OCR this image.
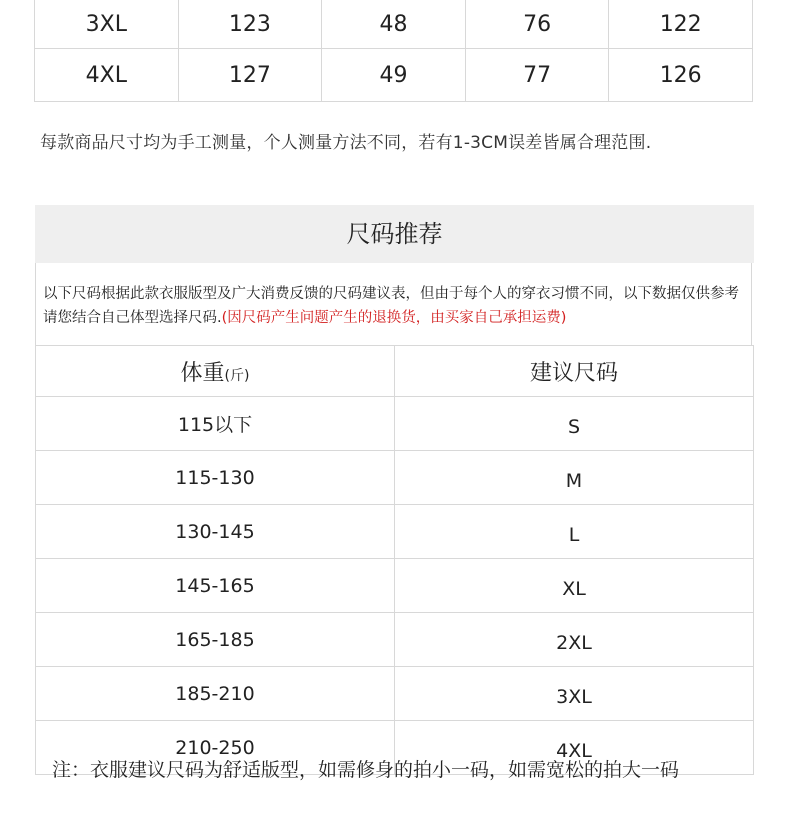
3XL	123	48	76	122
4XL	127	49	77	126
每款商品尺寸均为手工测量，个人测量方法不同，若有1-3CM误差皆属合理范围.
尺码推荐
以下尺码根据此款衣服版型及广大消费反馈的尺码建议表，但由于每个人的穿衣习惯不同，以下数据仅供参考请您结合自己体型选择尺码.(因尺码产生问题产生的退换货，由买家自己承担运费)
体重(斤)	建议尺码
115以下	S
115-130	M
130-145	L
145-165	XL
165-185	2XL
185-210	3XL
210-250	4XL
注：衣服建议尺码为舒适版型，如需修身的拍小一码，如需宽松的拍大一码
